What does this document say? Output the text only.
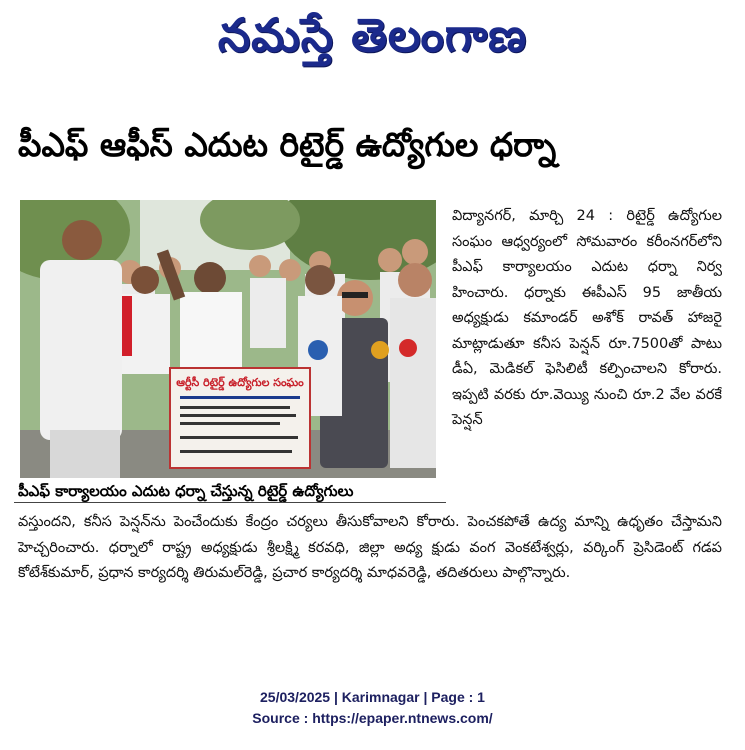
నమస్తే తెలంగాణ
పీఎఫ్ ఆఫీస్ ఎదుట రిటైర్డ్ ఉద్యోగుల ధర్నా
ఆర్టీసీ రిటైర్డ్ ఉద్యోగుల సంఘం
పీఎఫ్ కార్యాలయం ఎదుట ధర్నా చేస్తున్న రిటైర్డ్ ఉద్యోగులు

విద్యానగర్, మార్చి 24 : రిటైర్డ్ ఉద్యోగుల సంఘం ఆధ్వర్యంలో సోమవారం కరీంనగర్‌లోని పీఎఫ్ కార్యాలయం ఎదుట ధర్నా నిర్వ హించారు. ధర్నాకు ఈపీఎస్ 95 జాతీయ అధ్యక్షుడు కమాండర్ అశోక్ రావత్ హాజరై మాట్లాడుతూ కనీస పెన్షన్ రూ.7500తో పాటు డీఏ, మెడికల్ ఫెసిలిటీ కల్పించాలని కోరారు. ఇప్పటి వరకు రూ.వెయ్యి నుంచి రూ.2 వేల వరకే పెన్షన్

వస్తుందని, కనీస పెన్షన్‌ను పెంచేందుకు కేంద్రం చర్యలు తీసుకోవాలని కోరారు. పెంచకపోతే ఉద్య మాన్ని ఉధృతం చేస్తామని హెచ్చరించారు. ధర్నాలో రాష్ట్ర అధ్యక్షుడు శ్రీలక్ష్మి కరవధి, జిల్లా అధ్య క్షుడు వంగ వెంకటేశ్వర్లు, వర్కింగ్ ప్రెసిడెంట్ గడప కోటేశ్‌కుమార్, ప్రధాన కార్యదర్శి తిరుమల్‌రెడ్డి, ప్రచార కార్యదర్శి మాధవరెడ్డి, తదితరులు పాల్గొన్నారు.

25/03/2025 | Karimnagar | Page : 1
Source : https://epaper.ntnews.com/
